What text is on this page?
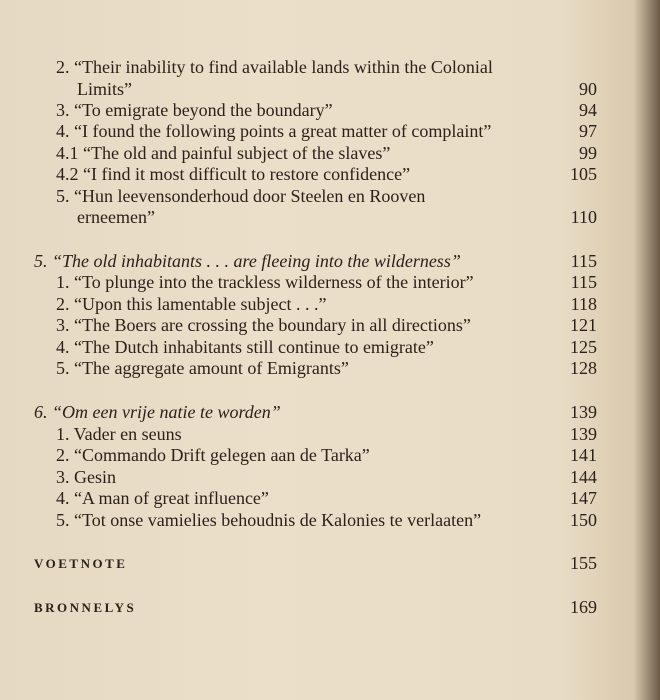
2. “Their inability to find available lands within the Colonial
Limits”	90
3. “To emigrate beyond the boundary”	94
4. “I found the following points a great matter of complaint”	97
4.1 “The old and painful subject of the slaves”	99
4.2 “I find it most difficult to restore confidence”	105
5. “Hun leevensonderhoud door Steelen en Rooven
erneemen”	110
5. “The old inhabitants . . . are fleeing into the wilderness”	115
1. “To plunge into the trackless wilderness of the interior”	115
2. “Upon this lamentable subject . . .”	118
3. “The Boers are crossing the boundary in all directions”	121
4. “The Dutch inhabitants still continue to emigrate”	125
5. “The aggregate amount of Emigrants”	128
6. “Om een vrije natie te worden”	139
1. Vader en seuns	139
2. “Commando Drift gelegen aan de Tarka”	141
3. Gesin	144
4. “A man of great influence”	147
5. “Tot onse vamielies behoudnis de Kalonies te verlaaten”	150
VOETNOTE	155
BRONNELYS	169
